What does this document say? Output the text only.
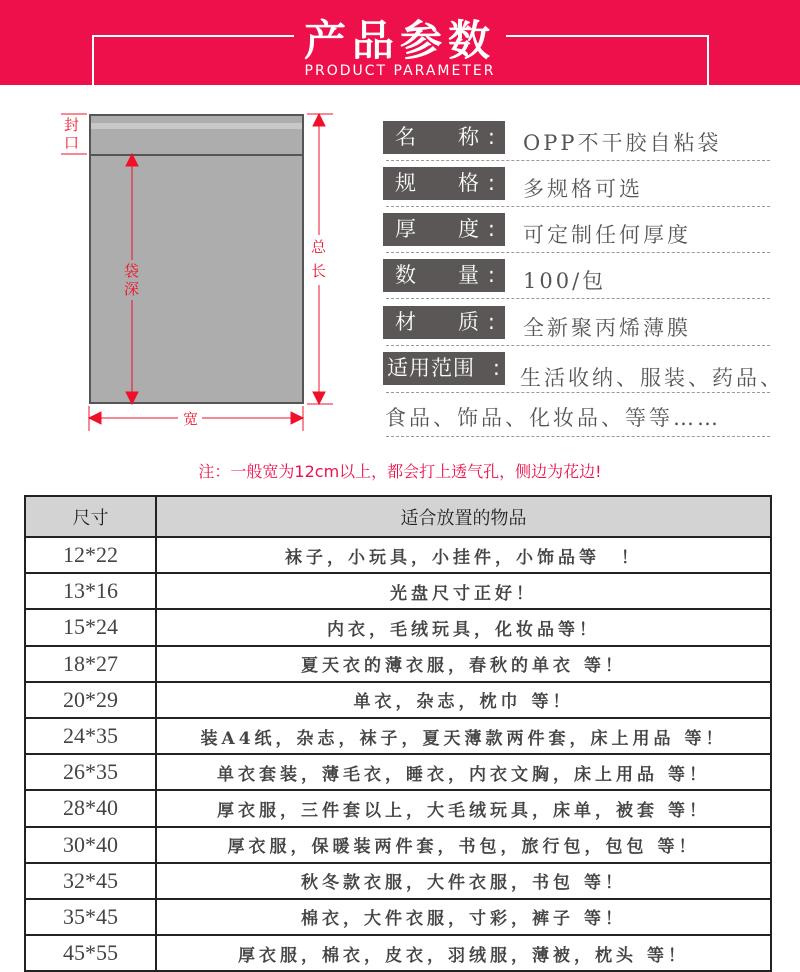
产品参数
PRODUCT PARAMETER
封口
袋深
总长
宽
名　　称 : OPP不干胶自粘袋
规　　格 : 多规格可选
厚　　度 : 可定制任何厚度
数　　量 : 100/包
材　　质 : 全新聚丙烯薄膜
适用范围 : 生活收纳、服装、药品、
食品、饰品、化妆品、等等……
注：一般宽为12cm以上，都会打上透气孔，侧边为花边!
尺寸	适合放置的物品
12*22	袜子，小玩具，小挂件，小饰品等　！
13*16	光盘尺寸正好！
15*24	内衣，毛绒玩具，化妆品等！
18*27	夏天衣的薄衣服，春秋的单衣 等！
20*29	单衣，杂志，枕巾 等！
24*35	装A4纸，杂志，袜子，夏天薄款两件套，床上用品 等！
26*35	单衣套装，薄毛衣，睡衣，内衣文胸，床上用品 等！
28*40	厚衣服，三件套以上，大毛绒玩具，床单，被套 等！
30*40	厚衣服，保暖装两件套，书包，旅行包，包包 等！
32*45	秋冬款衣服，大件衣服，书包 等！
35*45	棉衣，大件衣服，寸彩，裤子 等！
45*55	厚衣服，棉衣，皮衣，羽绒服，薄被，枕头 等！
